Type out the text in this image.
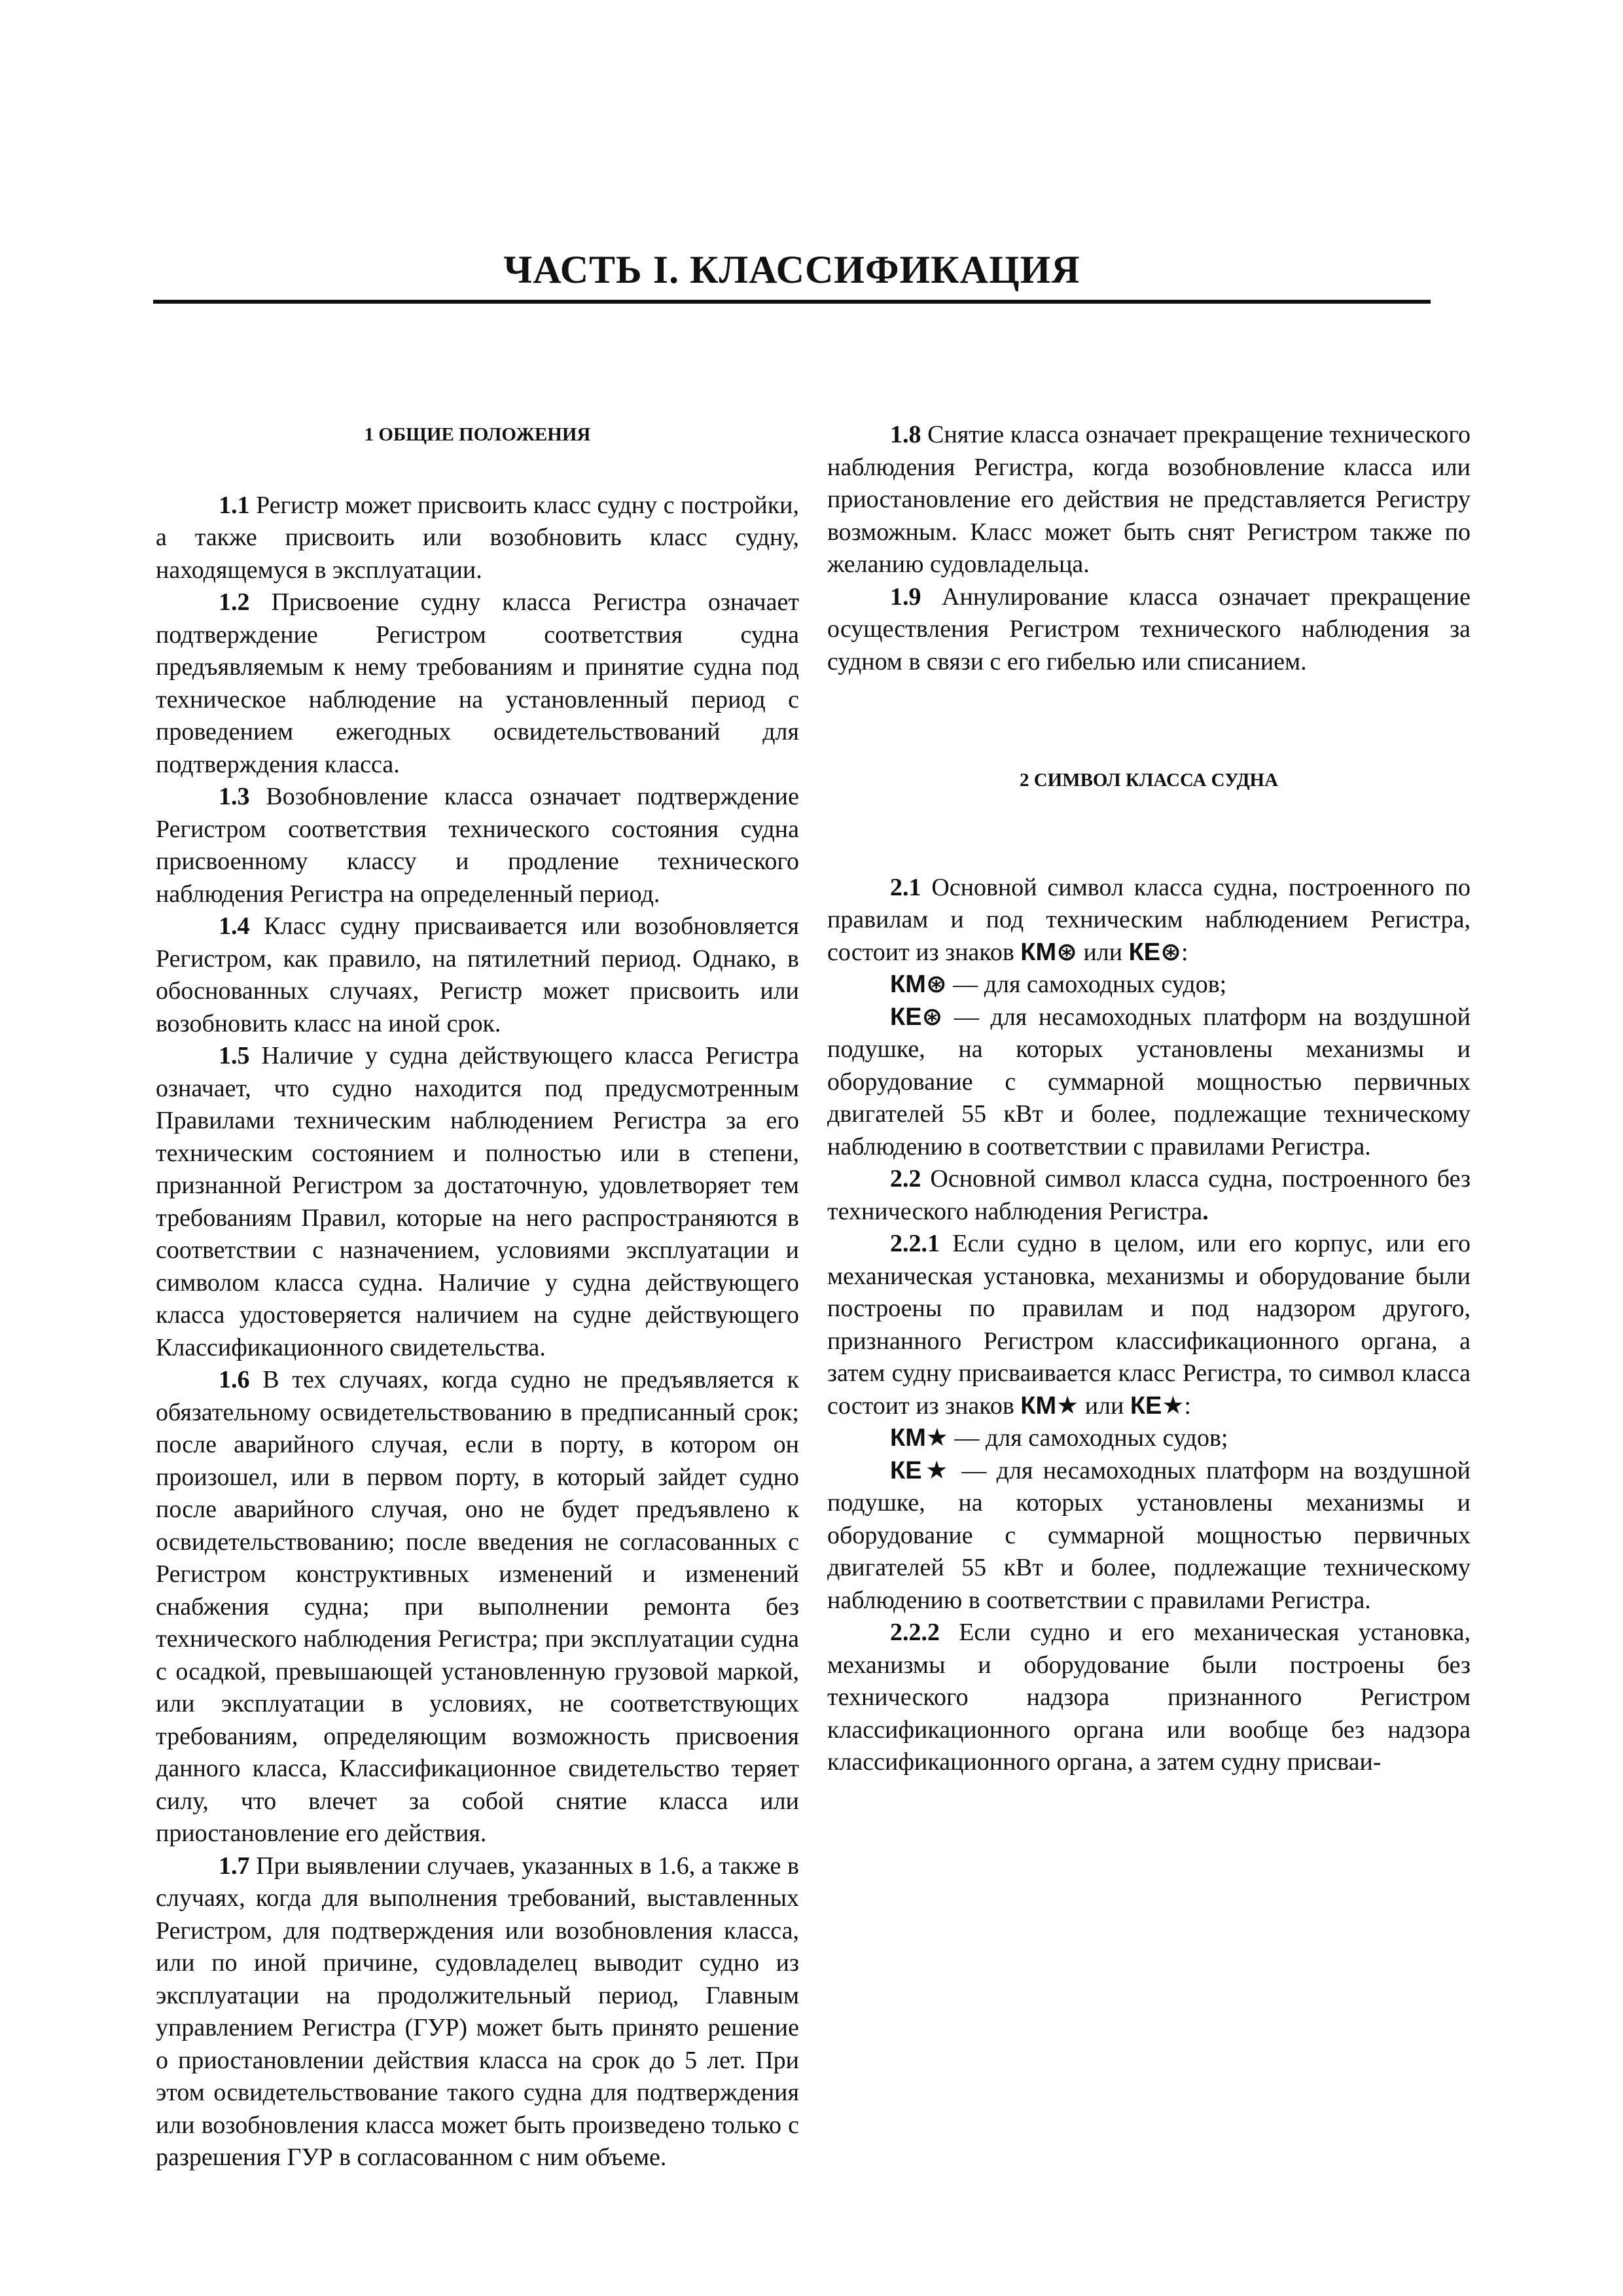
ЧАСТЬ I. КЛАССИФИКАЦИЯ

1 ОБЩИЕ ПОЛОЖЕНИЯ

1.1 Регистр может присвоить класс судну с постройки, а также присвоить или возобновить класс судну, находящемуся в эксплуатации.

1.2 Присвоение судну класса Регистра означает подтверждение Регистром соответствия судна предъявляемым к нему требованиям и принятие судна под техническое наблюдение на установленный период с проведением ежегодных освидетельствований для подтверждения класса.

1.3 Возобновление класса означает подтверждение Регистром соответствия технического состояния судна присвоенному классу и продление технического наблюдения Регистра на определенный период.

1.4 Класс судну присваивается или возобновляется Регистром, как правило, на пятилетний период. Однако, в обоснованных случаях, Регистр может присвоить или возобновить класс на иной срок.

1.5 Наличие у судна действующего класса Регистра означает, что судно находится под предусмотренным Правилами техническим наблюдением Регистра за его техническим состоянием и полностью или в степени, признанной Регистром за достаточную, удовлетворяет тем требованиям Правил, которые на него распространяются в соответствии с назначением, условиями эксплуатации и символом класса судна. Наличие у судна действующего класса удостоверяется наличием на судне действующего Классификационного свидетельства.

1.6 В тех случаях, когда судно не предъявляется к обязательному освидетельствованию в предписанный срок; после аварийного случая, если в порту, в котором он произошел, или в первом порту, в который зайдет судно после аварийного случая, оно не будет предъявлено к освидетельствованию; после введения не согласованных с Регистром конструктивных изменений и изменений снабжения судна; при выполнении ремонта без технического наблюдения Регистра; при эксплуатации судна с осадкой, превышающей установленную грузовой маркой, или эксплуатации в условиях, не соответствующих требованиям, определяющим возможность присвоения данного класса, Классификационное свидетельство теряет силу, что влечет за собой снятие класса или приостановление его действия.

1.7 При выявлении случаев, указанных в 1.6, а также в случаях, когда для выполнения требований, выставленных Регистром, для подтверждения или возобновления класса, или по иной причине, судовладелец выводит судно из эксплуатации на продолжительный период, Главным управлением Регистра (ГУР) может быть принято решение о приостановлении действия класса на срок до 5 лет. При этом освидетельствование такого судна для подтверждения или возобновления класса может быть произведено только с разрешения ГУР в согласованном с ним объеме.

1.8 Снятие класса означает прекращение технического наблюдения Регистра, когда возобновление класса или приостановление его действия не представляется Регистру возможным. Класс может быть снят Регистром также по желанию судовладельца.

1.9 Аннулирование класса означает прекращение осуществления Регистром технического наблюдения за судном в связи с его гибелью или списанием.

2 СИМВОЛ КЛАССА СУДНА

2.1 Основной символ класса судна, построенного по правилам и под техническим наблюдением Регистра, состоит из знаков КМ⊛ или КЕ⊛:

КМ⊛ — для самоходных судов;

КЕ⊛ — для несамоходных платформ на воздушной подушке, на которых установлены механизмы и оборудование с суммарной мощностью первичных двигателей 55 кВт и более, подлежащие техническому наблюдению в соответствии с правилами Регистра.

2.2 Основной символ класса судна, построенного без технического наблюдения Регистра.

2.2.1 Если судно в целом, или его корпус, или его механическая установка, механизмы и оборудование были построены по правилам и под надзором другого, признанного Регистром классификационного органа, а затем судну присваивается класс Регистра, то символ класса состоит из знаков КМ★ или КЕ★:

КМ★ — для самоходных судов;

КЕ★ — для несамоходных платформ на воздушной подушке, на которых установлены механизмы и оборудование с суммарной мощностью первичных двигателей 55 кВт и более, подлежащие техническому наблюдению в соответствии с правилами Регистра.

2.2.2 Если судно и его механическая установка, механизмы и оборудование были построены без технического надзора признанного Регистром классификационного органа или вообще без надзора классификационного органа, а затем судну присваи-
